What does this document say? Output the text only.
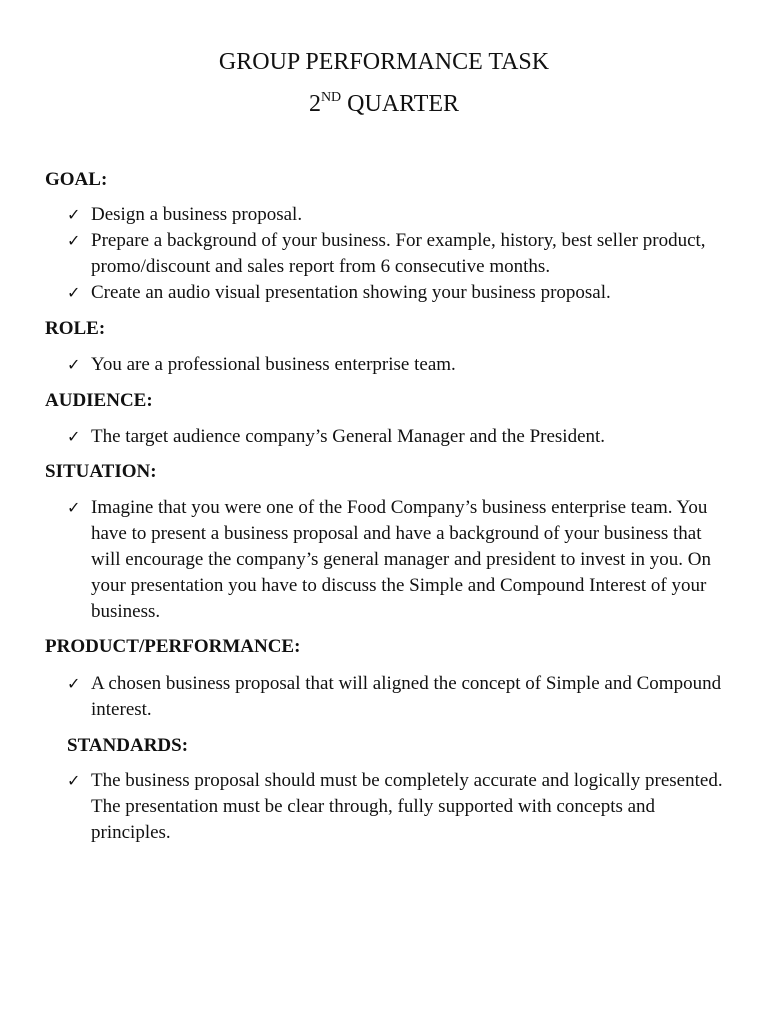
GROUP PERFORMANCE TASK
2ND QUARTER
GOAL:
✓ Design a business proposal.
✓ Prepare a background of your business. For example, history, best seller product, promo/discount and sales report from 6 consecutive months.
✓ Create an audio visual presentation showing your business proposal.
ROLE:
✓ You are a professional business enterprise team.
AUDIENCE:
✓ The target audience company’s General Manager and the President.
SITUATION:
✓ Imagine that you were one of the Food Company’s business enterprise team. You have to present a business proposal and have a background of your business that will encourage the company’s general manager and president to invest in you. On your presentation you have to discuss the Simple and Compound Interest of your business.
PRODUCT/PERFORMANCE:
✓ A chosen business proposal that will aligned the concept of Simple and Compound interest.
STANDARDS:
✓ The business proposal should must be completely accurate and logically presented. The presentation must be clear through, fully supported with concepts and principles.
